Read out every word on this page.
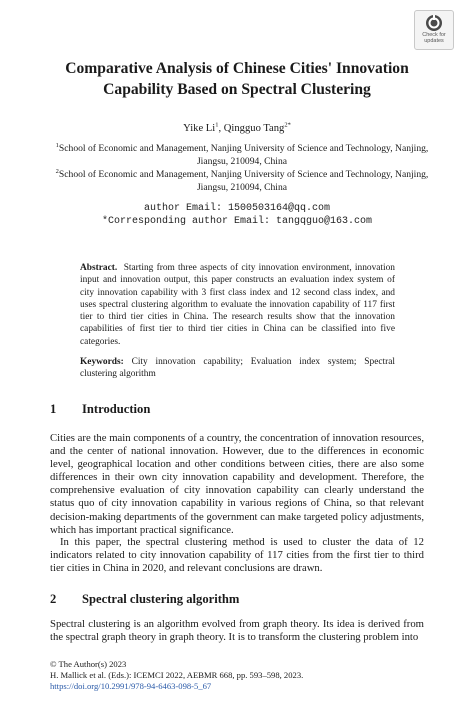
Check for
updates
Comparative Analysis of Chinese Cities' Innovation Capability Based on Spectral Clustering
Yike Li$^1$, Qingguo Tang$^{2*}$
$^1$School of Economic and Management, Nanjing University of Science and Technology, Nanjing, Jiangsu, 210094, China
$^2$School of Economic and Management, Nanjing University of Science and Technology, Nanjing, Jiangsu, 210094, China
author Email: 1500503164@qq.com
*Corresponding author Email: tangqguo@163.com
Abstract. Starting from three aspects of city innovation environment, innovation input and innovation output, this paper constructs an evaluation index system of city innovation capability with 3 first class index and 12 second class index, and uses spectral clustering algorithm to evaluate the innovation capability of 117 first tier to third tier cities in China. The research results show that the innovation capabilities of first tier to third tier cities in China can be classified into five categories.
Keywords: City innovation capability; Evaluation index system; Spectral clustering algorithm
1 Introduction
Cities are the main components of a country, the concentration of innovation resources, and the center of national innovation. However, due to the differences in economic level, geographical location and other conditions between cities, there are also some differences in their own city innovation capability and development. Therefore, the comprehensive evaluation of city innovation capability can clearly understand the status quo of city innovation capability in various regions of China, so that relevant decision-making departments of the government can make targeted policy adjustments, which has important practical significance.
In this paper, the spectral clustering method is used to cluster the data of 12 indicators related to city innovation capability of 117 cities from the first tier to third tier cities in China in 2020, and relevant conclusions are drawn.
2 Spectral clustering algorithm
Spectral clustering is an algorithm evolved from graph theory. Its idea is derived from the spectral graph theory in graph theory. It is to transform the clustering problem into
© The Author(s) 2023
H. Mallick et al. (Eds.): ICEMCI 2022, AEBMR 668, pp. 593–598, 2023.
https://doi.org/10.2991/978-94-6463-098-5_67
